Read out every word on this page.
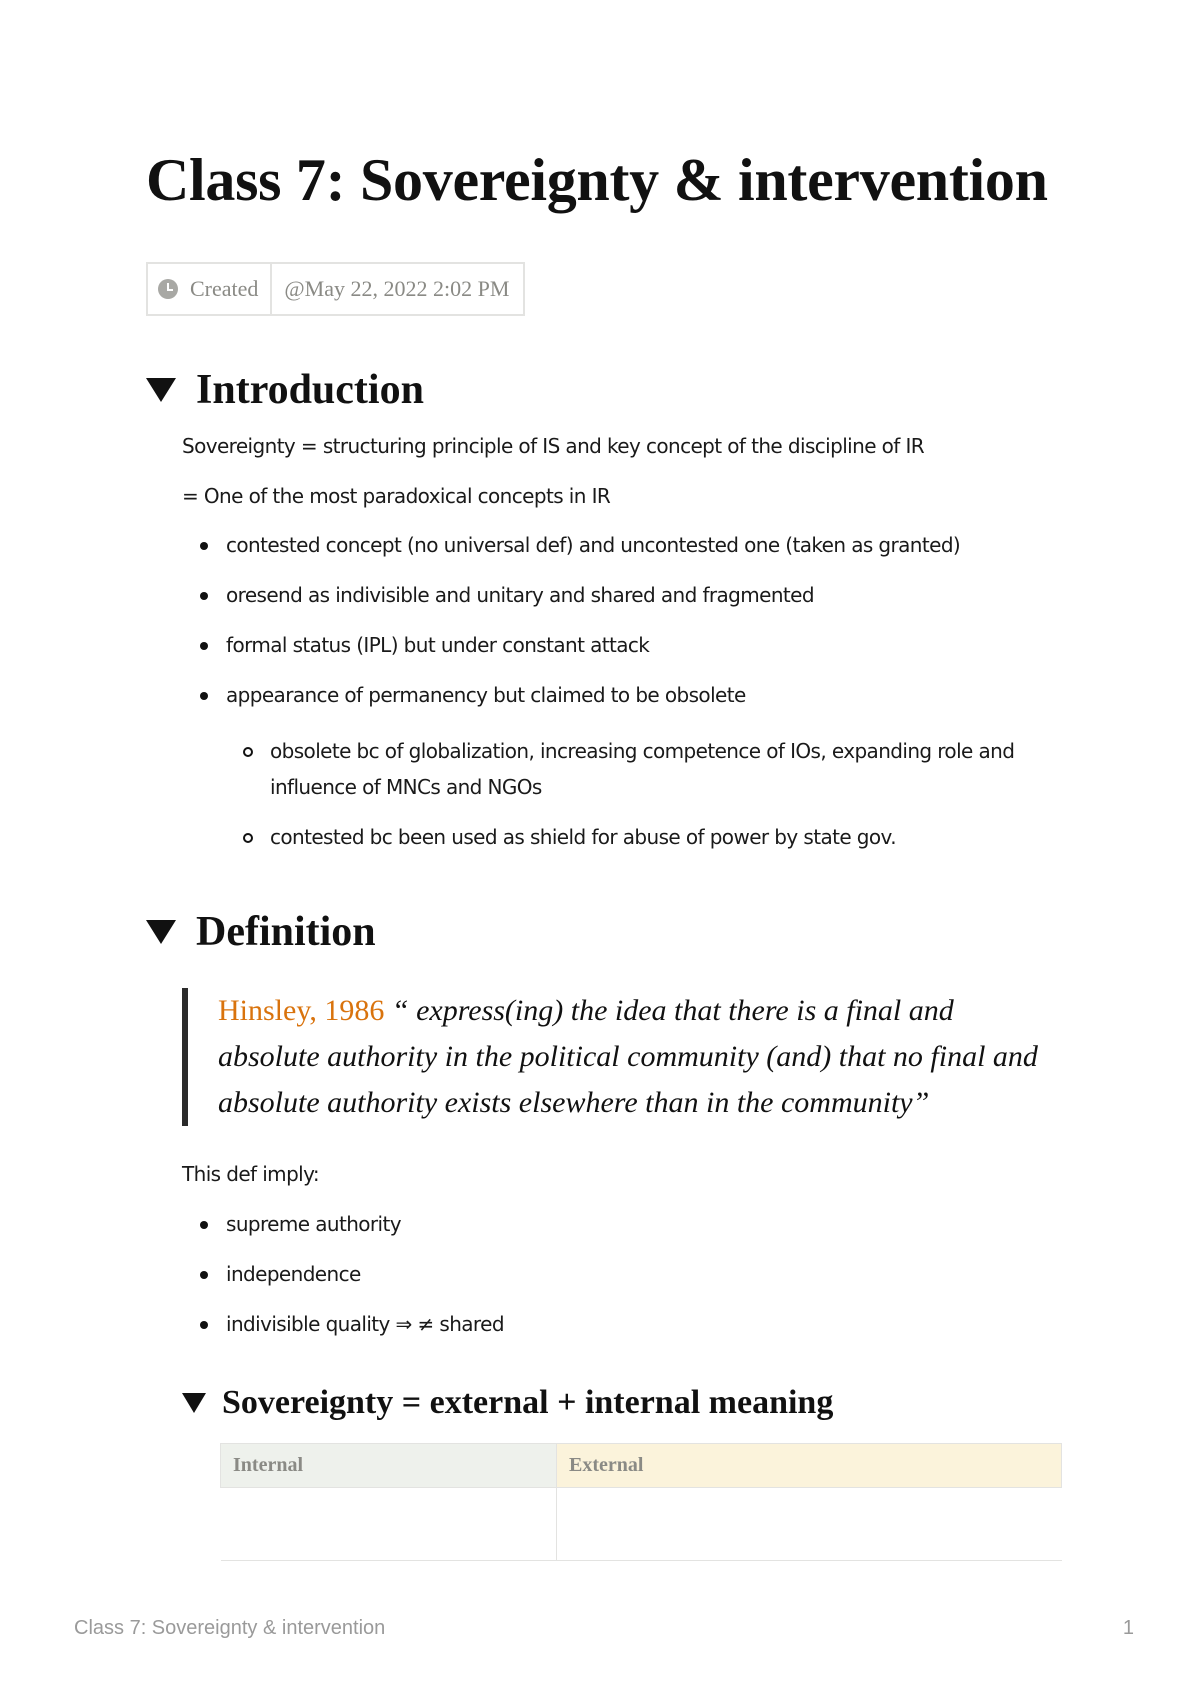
Class 7: Sovereignty & intervention
Created @May 22, 2022 2:02 PM
Introduction

Sovereignty = structuring principle of IS and key concept of the discipline of IR

= One of the most paradoxical concepts in IR

contested concept (no universal def) and uncontested one (taken as granted)
oresend as indivisible and unitary and shared and fragmented
formal status (IPL) but under constant attack
appearance of permanency but claimed to be obsolete
obsolete bc of globalization, increasing competence of IOs, expanding role and influence of MNCs and NGOs
contested bc been used as shield for abuse of power by state gov.
Definition
Hinsley, 1986 “ express(ing) the idea that there is a final and absolute authority in the political community (and) that no final and absolute authority exists elsewhere than in the community”

This def imply:

supreme authority
independence
indivisible quality ⇒ ≠ shared
Sovereignty = external + internal meaning
Internal	External

Class 7: Sovereignty & intervention	1
